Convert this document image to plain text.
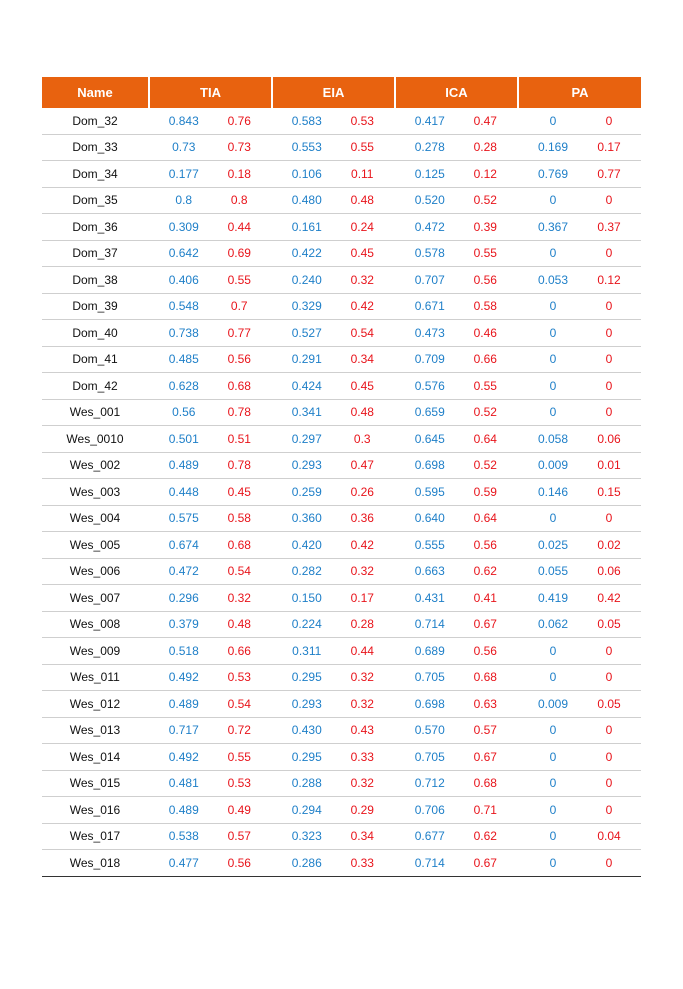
Name	TIA	EIA	ICA	PA
Dom_32	0.843	0.76	0.583	0.53	0.417	0.47	0	0
Dom_33	0.73	0.73	0.553	0.55	0.278	0.28	0.169	0.17
Dom_34	0.177	0.18	0.106	0.11	0.125	0.12	0.769	0.77
Dom_35	0.8	0.8	0.480	0.48	0.520	0.52	0	0
Dom_36	0.309	0.44	0.161	0.24	0.472	0.39	0.367	0.37
Dom_37	0.642	0.69	0.422	0.45	0.578	0.55	0	0
Dom_38	0.406	0.55	0.240	0.32	0.707	0.56	0.053	0.12
Dom_39	0.548	0.7	0.329	0.42	0.671	0.58	0	0
Dom_40	0.738	0.77	0.527	0.54	0.473	0.46	0	0
Dom_41	0.485	0.56	0.291	0.34	0.709	0.66	0	0
Dom_42	0.628	0.68	0.424	0.45	0.576	0.55	0	0
Wes_001	0.56	0.78	0.341	0.48	0.659	0.52	0	0
Wes_0010	0.501	0.51	0.297	0.3	0.645	0.64	0.058	0.06
Wes_002	0.489	0.78	0.293	0.47	0.698	0.52	0.009	0.01
Wes_003	0.448	0.45	0.259	0.26	0.595	0.59	0.146	0.15
Wes_004	0.575	0.58	0.360	0.36	0.640	0.64	0	0
Wes_005	0.674	0.68	0.420	0.42	0.555	0.56	0.025	0.02
Wes_006	0.472	0.54	0.282	0.32	0.663	0.62	0.055	0.06
Wes_007	0.296	0.32	0.150	0.17	0.431	0.41	0.419	0.42
Wes_008	0.379	0.48	0.224	0.28	0.714	0.67	0.062	0.05
Wes_009	0.518	0.66	0.311	0.44	0.689	0.56	0	0
Wes_011	0.492	0.53	0.295	0.32	0.705	0.68	0	0
Wes_012	0.489	0.54	0.293	0.32	0.698	0.63	0.009	0.05
Wes_013	0.717	0.72	0.430	0.43	0.570	0.57	0	0
Wes_014	0.492	0.55	0.295	0.33	0.705	0.67	0	0
Wes_015	0.481	0.53	0.288	0.32	0.712	0.68	0	0
Wes_016	0.489	0.49	0.294	0.29	0.706	0.71	0	0
Wes_017	0.538	0.57	0.323	0.34	0.677	0.62	0	0.04
Wes_018	0.477	0.56	0.286	0.33	0.714	0.67	0	0
